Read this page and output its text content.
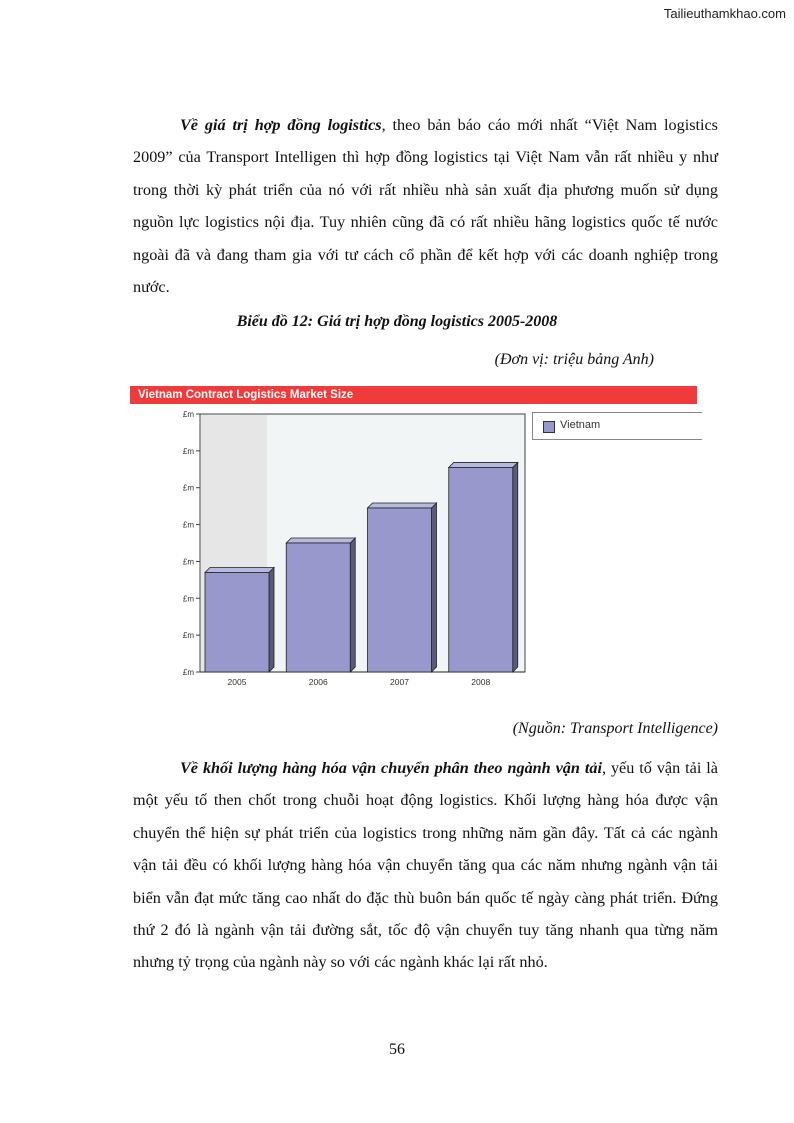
Tailieuthamkhao.com

Về giá trị hợp đồng logistics, theo bản báo cáo mới nhất “Việt Nam logistics 2009” của Transport Intelligen thì hợp đồng logistics tại Việt Nam vẫn rất nhiều y như trong thời kỳ phát triển của nó với rất nhiều nhà sản xuất địa phương muốn sử dụng nguồn lực logistics nội địa. Tuy nhiên cũng đã có rất nhiều hãng logistics quốc tế nước ngoài đã và đang tham gia với tư cách cổ phần để kết hợp với các doanh nghiệp trong nước.

Biểu đồ 12: Giá trị hợp đồng logistics 2005-2008
(Đơn vị: triệu bảng Anh)
Vietnam Contract Logistics Market Size
£m
£m
£m
£m
£m
£m
£m
£m
2005	2006	2007	2008
Vietnam
(Nguồn: Transport Intelligence)

Về khối lượng hàng hóa vận chuyển phân theo ngành vận tải, yếu tố vận tải là một yếu tố then chốt trong chuỗi hoạt động logistics. Khối lượng hàng hóa được vận chuyển thể hiện sự phát triển của logistics trong những năm gần đây. Tất cả các ngành vận tải đều có khối lượng hàng hóa vận chuyển tăng qua các năm nhưng ngành vận tải biển vẫn đạt mức tăng cao nhất do đặc thù buôn bán quốc tế ngày càng phát triển. Đứng thứ 2 đó là ngành vận tải đường sắt, tốc độ vận chuyển tuy tăng nhanh qua từng năm nhưng tỷ trọng của ngành này so với các ngành khác lại rất nhỏ.

56
